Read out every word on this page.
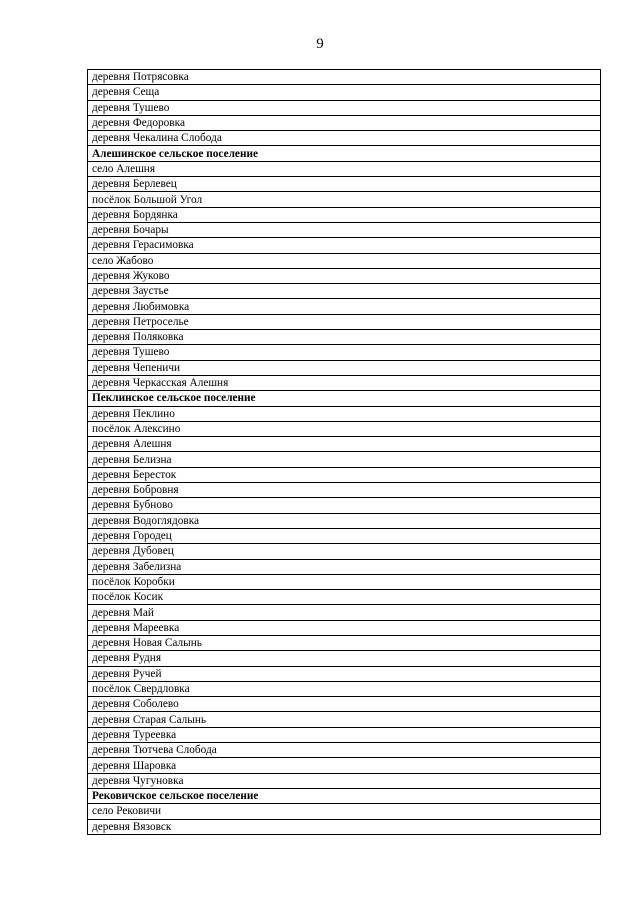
9
деревня Потрясовка
деревня Сеща
деревня Тушево
деревня Федоровка
деревня Чекалина Слобода
Алешинское сельское поселение
село Алешня
деревня Берлевец
посёлок Большой Угол
деревня Бордянка
деревня Бочары
деревня Герасимовка
село Жабово
деревня Жуково
деревня Заустье
деревня Любимовка
деревня Петроселье
деревня Поляковка
деревня Тушево
деревня Чепеничи
деревня Черкасская Алешня
Пеклинское сельское поселение
деревня Пеклино
посёлок Алексино
деревня Алешня
деревня Белизна
деревня Бересток
деревня Бобровня
деревня Бубново
деревня Водоглядовка
деревня Городец
деревня Дубовец
деревня Забелизна
посёлок Коробки
посёлок Косик
деревня Май
деревня Мареевка
деревня Новая Салынь
деревня Рудня
деревня Ручей
посёлок Свердловка
деревня Соболево
деревня Старая Салынь
деревня Туреевка
деревня Тютчева Слобода
деревня Шаровка
деревня Чугуновка
Рековичское сельское поселение
село Рековичи
деревня Вязовск
